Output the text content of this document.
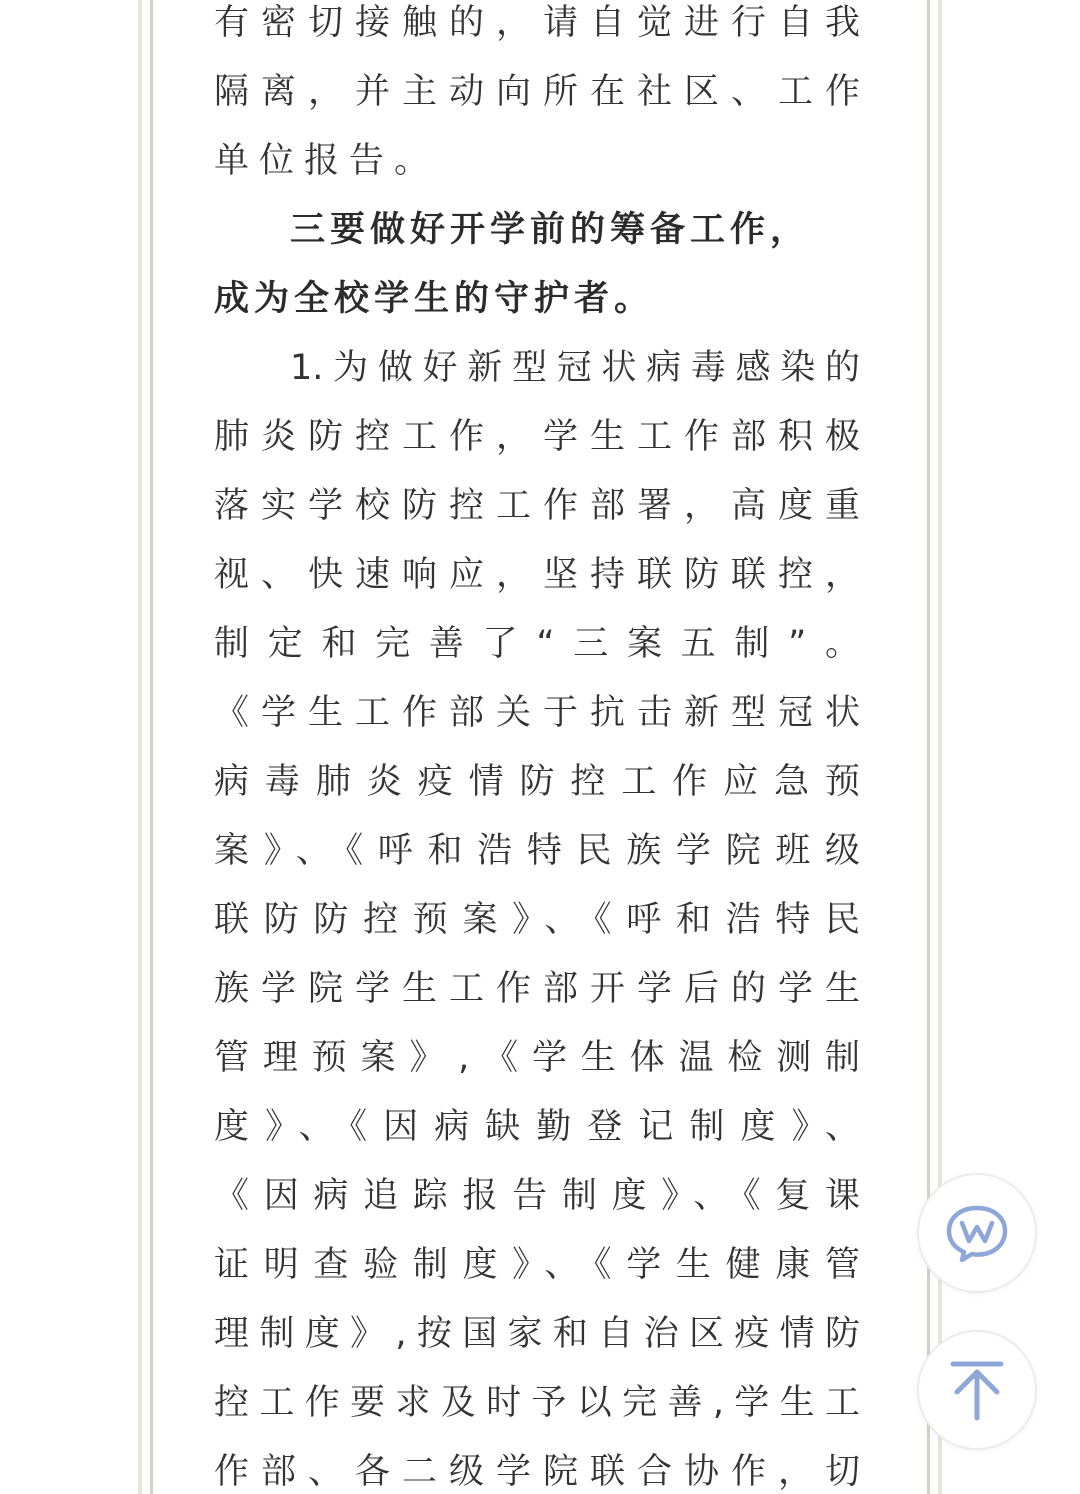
有密切接触的，请自觉进行自我
隔离，并主动向所在社区、工作
单位报告。
三要做好开学前的筹备工作，
成为全校学生的守护者。
1.为做好新型冠状病毒感染的
肺炎防控工作，学生工作部积极
落实学校防控工作部署，高度重
视、快速响应，坚持联防联控，
制定和完善了“三案五制”。
《学生工作部关于抗击新型冠状
病毒肺炎疫情防控工作应急预
案》、《呼和浩特民族学院班级
联防防控预案》、《呼和浩特民
族学院学生工作部开学后的学生
管理预案》,《学生体温检测制
度》、《因病缺勤登记制度》、
《因病追踪报告制度》、《复课
证明查验制度》、《学生健康管
理制度》,按国家和自治区疫情防
控工作要求及时予以完善,学生工
作部、各二级学院联合协作，切
